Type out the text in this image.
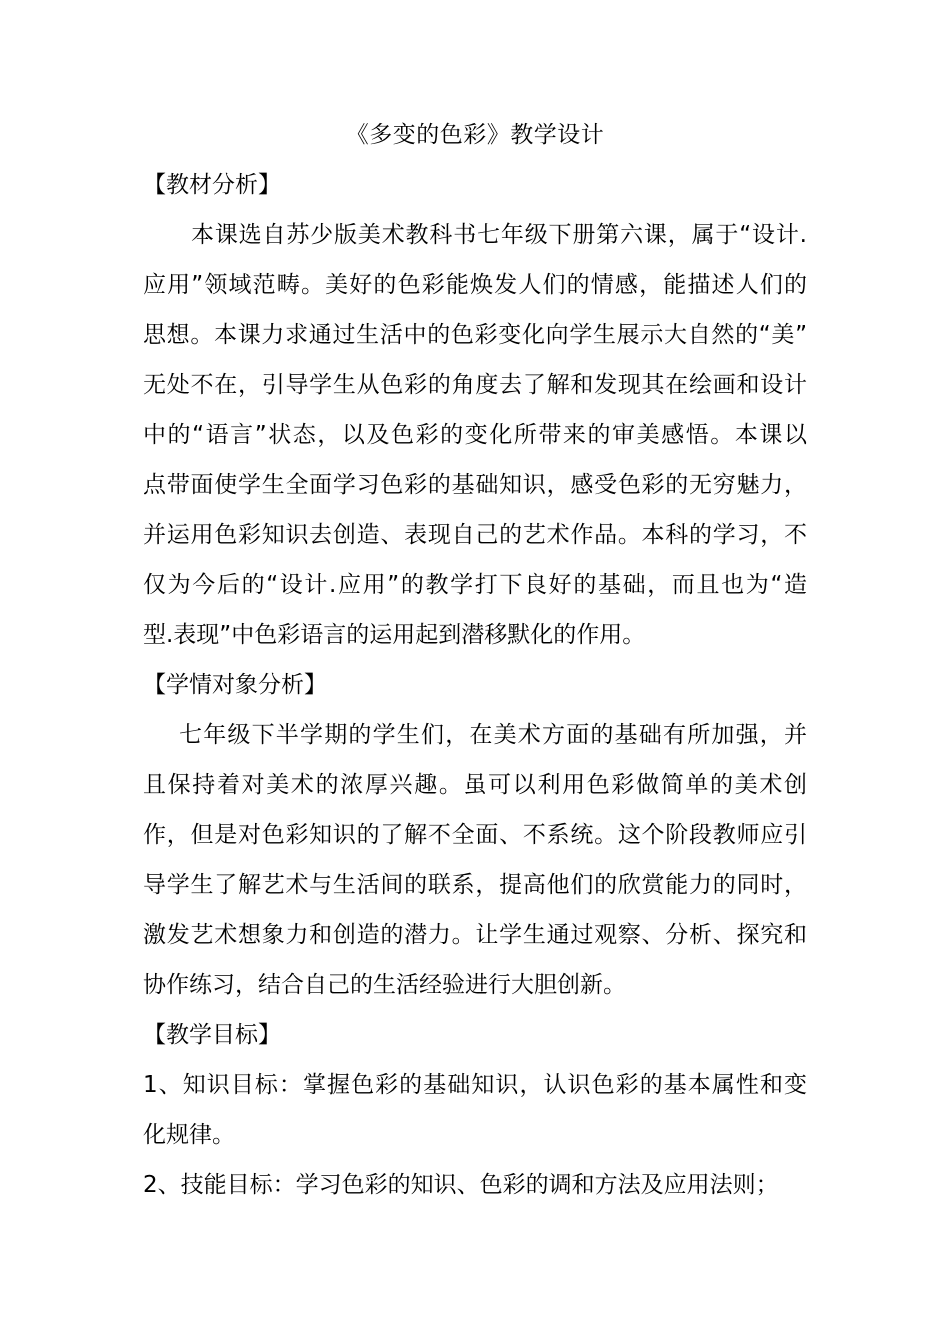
《多变的色彩》教学设计
【教材分析】
本课选自苏少版美术教科书七年级下册第六课，属于“设计.
应用”领域范畴。美好的色彩能焕发人们的情感，能描述人们的
思想。本课力求通过生活中的色彩变化向学生展示大自然的“美”
无处不在，引导学生从色彩的角度去了解和发现其在绘画和设计
中的“语言”状态，以及色彩的变化所带来的审美感悟。本课以
点带面使学生全面学习色彩的基础知识，感受色彩的无穷魅力，
并运用色彩知识去创造、表现自己的艺术作品。本科的学习，不
仅为今后的“设计.应用”的教学打下良好的基础，而且也为“造
型.表现”中色彩语言的运用起到潜移默化的作用。
【学情对象分析】
七年级下半学期的学生们，在美术方面的基础有所加强，并
且保持着对美术的浓厚兴趣。虽可以利用色彩做简单的美术创
作，但是对色彩知识的了解不全面、不系统。这个阶段教师应引
导学生了解艺术与生活间的联系，提高他们的欣赏能力的同时，
激发艺术想象力和创造的潜力。让学生通过观察、分析、探究和
协作练习，结合自己的生活经验进行大胆创新。
【教学目标】
1、知识目标：掌握色彩的基础知识，认识色彩的基本属性和变
化规律。
2、技能目标：学习色彩的知识、色彩的调和方法及应用法则；
